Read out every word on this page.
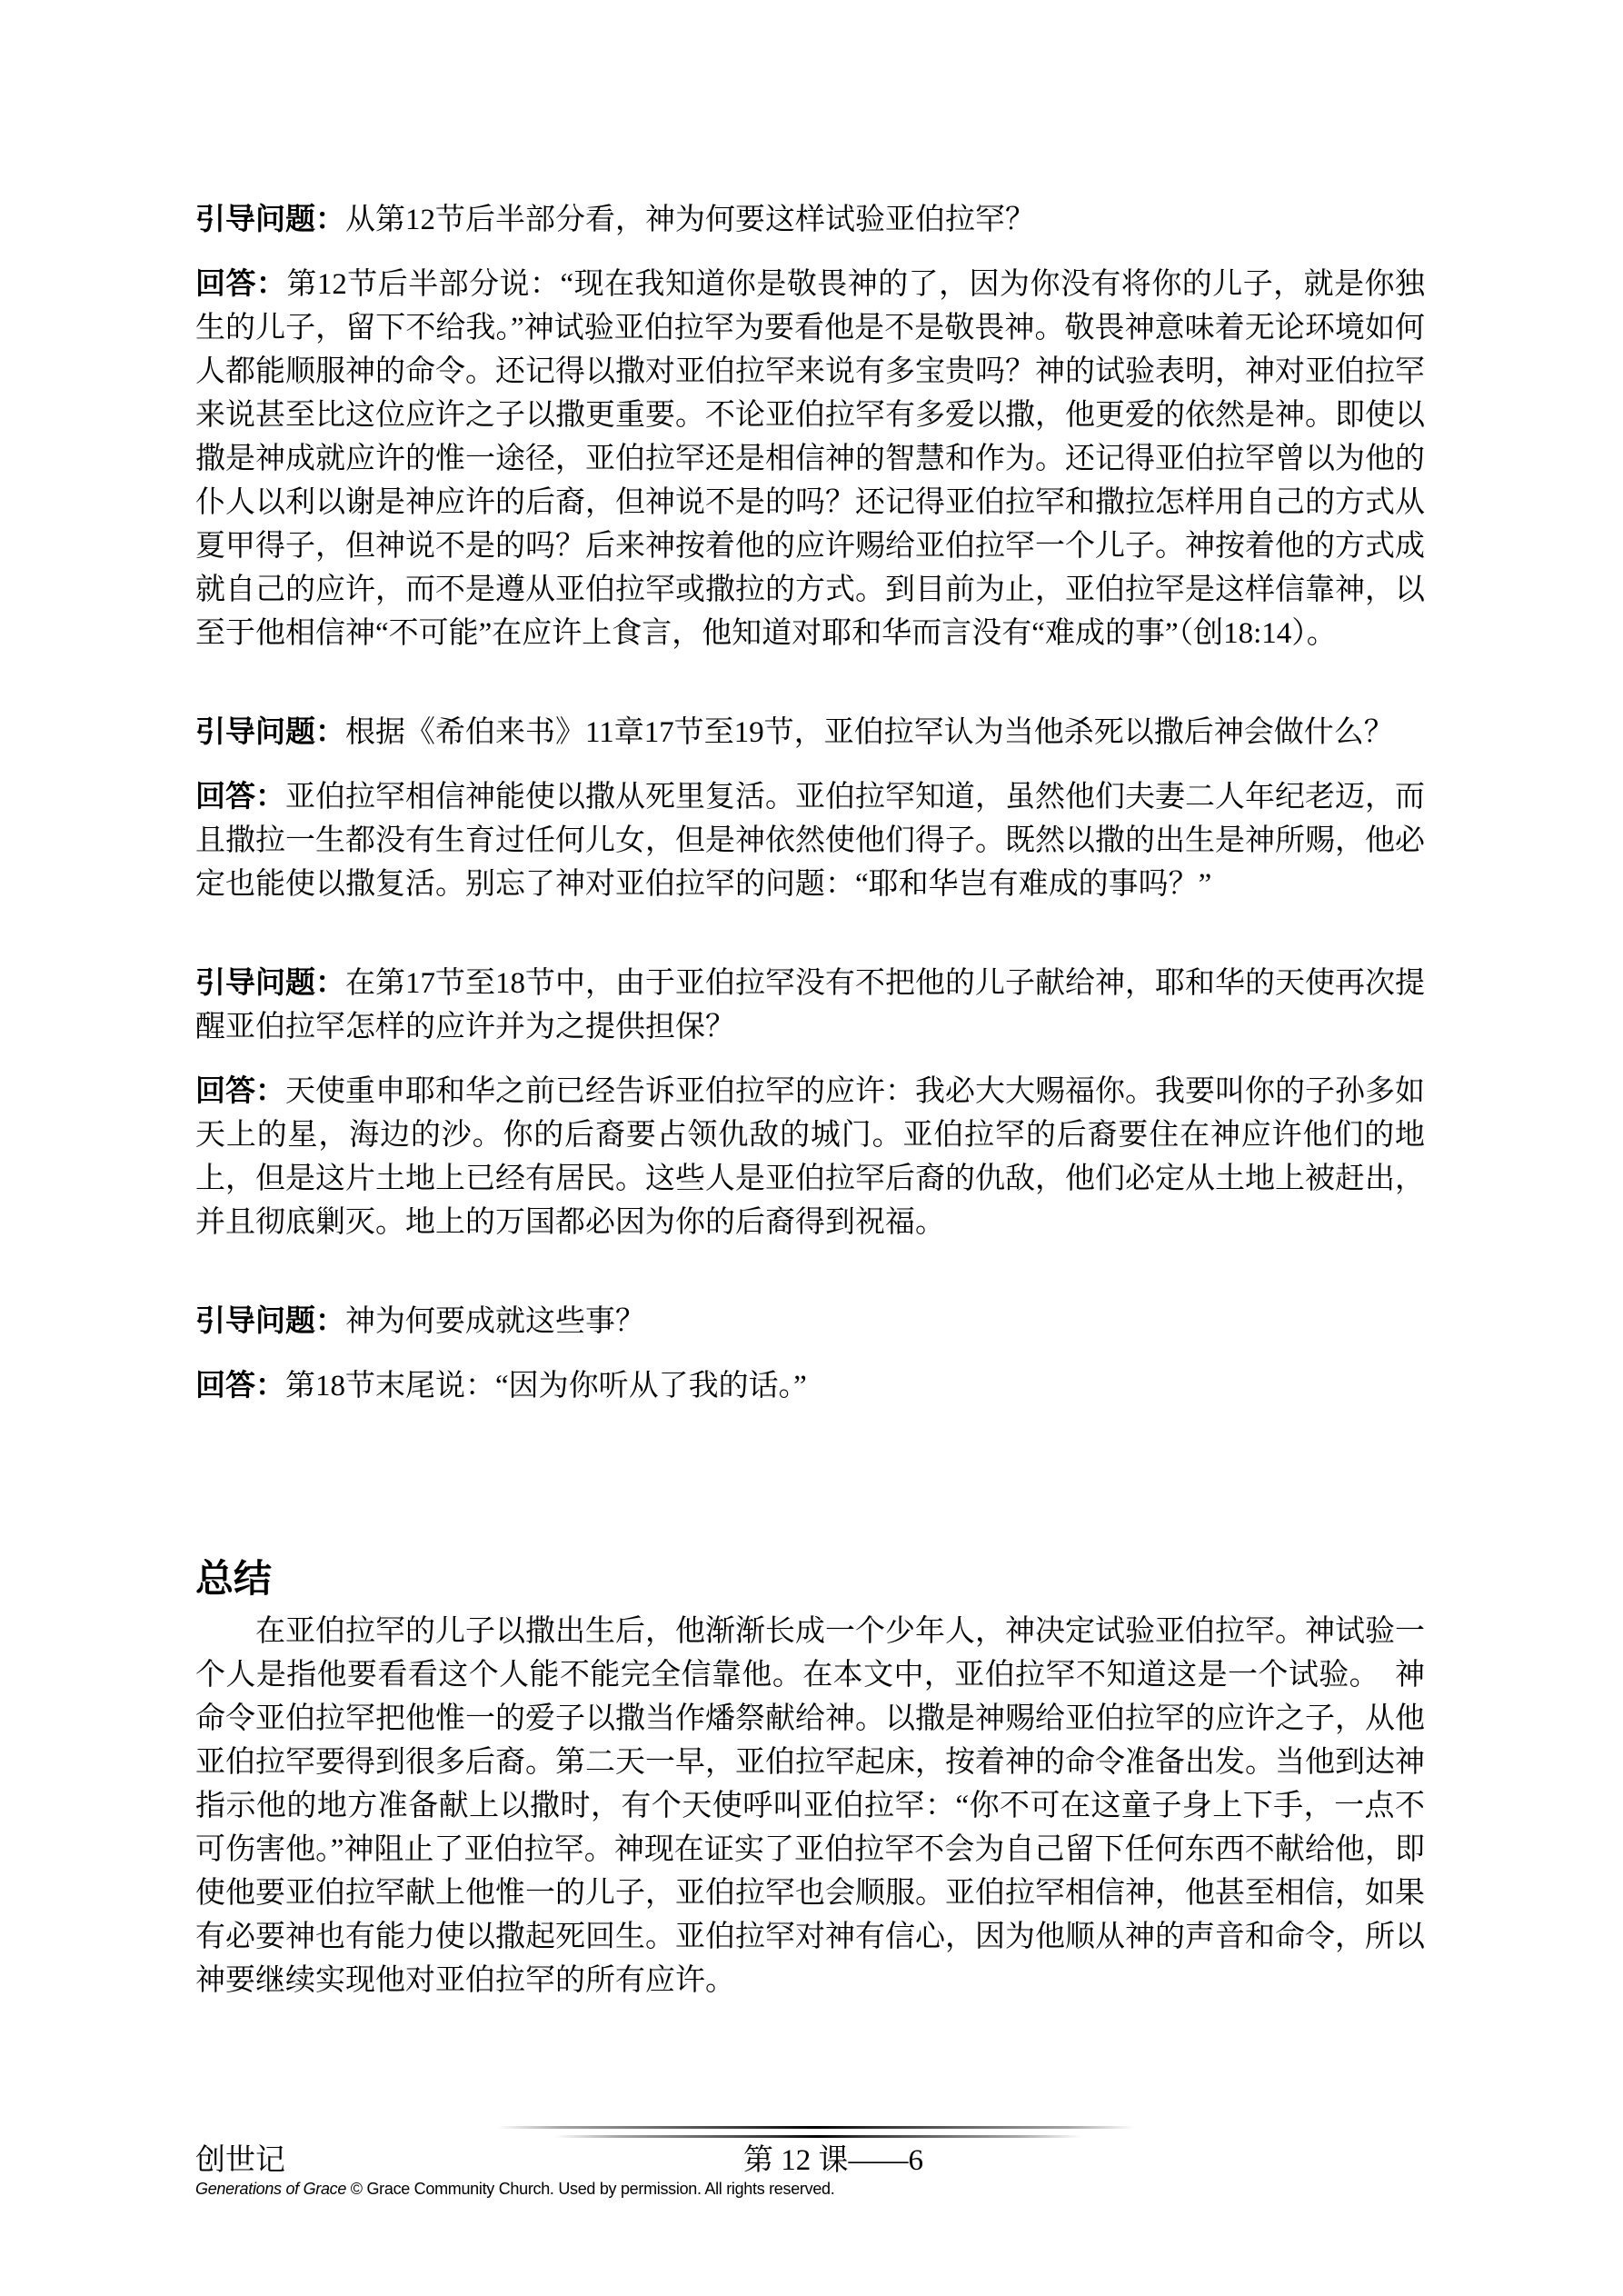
引导问题：从第12节后半部分看，神为何要这样试验亚伯拉罕？

回答：第12节后半部分说：“现在我知道你是敬畏神的了，因为你没有将你的儿子，就是你独生的儿子，留下不给我。”神试验亚伯拉罕为要看他是不是敬畏神。敬畏神意味着无论环境如何人都能顺服神的命令。还记得以撒对亚伯拉罕来说有多宝贵吗？神的试验表明，神对亚伯拉罕来说甚至比这位应许之子以撒更重要。不论亚伯拉罕有多爱以撒，他更爱的依然是神。即使以撒是神成就应许的惟一途径，亚伯拉罕还是相信神的智慧和作为。还记得亚伯拉罕曾以为他的仆人以利以谢是神应许的后裔，但神说不是的吗？还记得亚伯拉罕和撒拉怎样用自己的方式从夏甲得子，但神说不是的吗？后来神按着他的应许赐给亚伯拉罕一个儿子。神按着他的方式成就自己的应许，而不是遵从亚伯拉罕或撒拉的方式。到目前为止，亚伯拉罕是这样信靠神，以至于他相信神“不可能”在应许上食言，他知道对耶和华而言没有“难成的事”（创18:14）。

引导问题：根据《希伯来书》11章17节至19节，亚伯拉罕认为当他杀死以撒后神会做什么？

回答：亚伯拉罕相信神能使以撒从死里复活。亚伯拉罕知道，虽然他们夫妻二人年纪老迈，而且撒拉一生都没有生育过任何儿女，但是神依然使他们得子。既然以撒的出生是神所赐，他必定也能使以撒复活。别忘了神对亚伯拉罕的问题：“耶和华岂有难成的事吗？”

引导问题：在第17节至18节中，由于亚伯拉罕没有不把他的儿子献给神，耶和华的天使再次提醒亚伯拉罕怎样的应许并为之提供担保？

回答：天使重申耶和华之前已经告诉亚伯拉罕的应许：我必大大赐福你。我要叫你的子孙多如天上的星，海边的沙。你的后裔要占领仇敌的城门。亚伯拉罕的后裔要住在神应许他们的地上，但是这片土地上已经有居民。这些人是亚伯拉罕后裔的仇敌，他们必定从土地上被赶出，并且彻底剿灭。地上的万国都必因为你的后裔得到祝福。

引导问题：神为何要成就这些事？

回答：第18节末尾说：“因为你听从了我的话。”

总结

在亚伯拉罕的儿子以撒出生后，他渐渐长成一个少年人，神决定试验亚伯拉罕。神试验一个人是指他要看看这个人能不能完全信靠他。在本文中，亚伯拉罕不知道这是一个试验。　神命令亚伯拉罕把他惟一的爱子以撒当作燔祭献给神。以撒是神赐给亚伯拉罕的应许之子，从他亚伯拉罕要得到很多后裔。第二天一早，亚伯拉罕起床，按着神的命令准备出发。当他到达神指示他的地方准备献上以撒时，有个天使呼叫亚伯拉罕：“你不可在这童子身上下手，一点不可伤害他。”神阻止了亚伯拉罕。神现在证实了亚伯拉罕不会为自己留下任何东西不献给他，即使他要亚伯拉罕献上他惟一的儿子，亚伯拉罕也会顺服。亚伯拉罕相信神，他甚至相信，如果有必要神也有能力使以撒起死回生。亚伯拉罕对神有信心，因为他顺从神的声音和命令，所以神要继续实现他对亚伯拉罕的所有应许。

创世记	第 12 课——6
Generations of Grace © Grace Community Church. Used by permission. All rights reserved.
